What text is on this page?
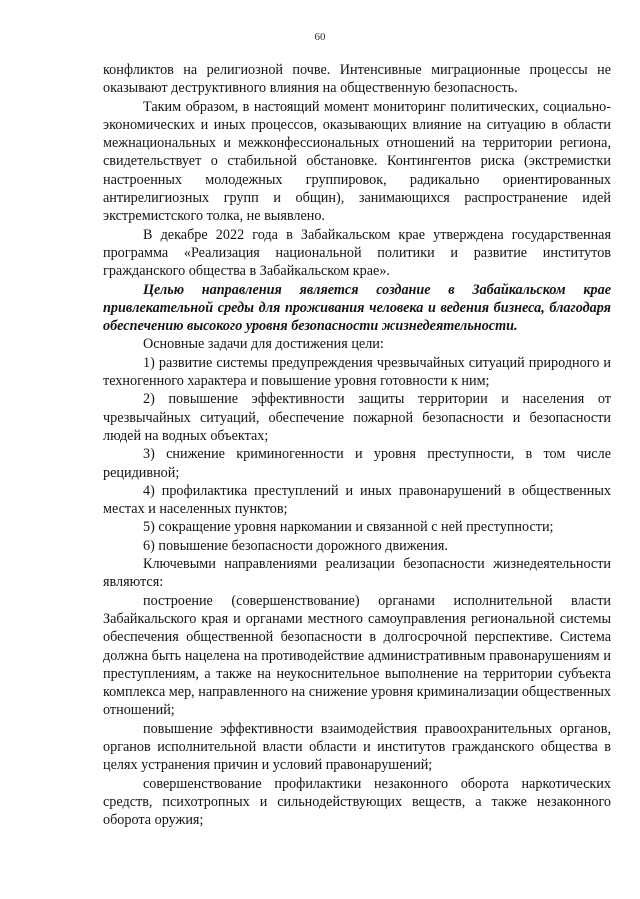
60

конфликтов на религиозной почве. Интенсивные миграционные процессы не оказывают деструктивного влияния на общественную безопасность.

Таким образом, в настоящий момент мониторинг политических, социально-экономических и иных процессов, оказывающих влияние на ситуацию в области межнациональных и межконфессиональных отношений на территории региона, свидетельствует о стабильной обстановке. Контингентов риска (экстремистки настроенных молодежных группировок, радикально ориентированных антирелигиозных групп и общин), занимающихся распространение идей экстремистского толка, не выявлено.

В декабре 2022 года в Забайкальском крае утверждена государственная программа «Реализация национальной политики и развитие институтов гражданского общества в Забайкальском крае».

Целью направления является создание в Забайкальском крае привлекательной среды для проживания человека и ведения бизнеса, благодаря обеспечению высокого уровня безопасности жизнедеятельности.

Основные задачи для достижения цели:

1) развитие системы предупреждения чрезвычайных ситуаций природного и техногенного характера и повышение уровня готовности к ним;

2) повышение эффективности защиты территории и населения от чрезвычайных ситуаций, обеспечение пожарной безопасности и безопасности людей на водных объектах;

3) снижение криминогенности и уровня преступности, в том числе рецидивной;

4) профилактика преступлений и иных правонарушений в общественных местах и населенных пунктов;

5) сокращение уровня наркомании и связанной с ней преступности;

6) повышение безопасности дорожного движения.

Ключевыми направлениями реализации безопасности жизнедеятельности являются:

построение (совершенствование) органами исполнительной власти Забайкальского края и органами местного самоуправления региональной системы обеспечения общественной безопасности в долгосрочной перспективе. Система должна быть нацелена на противодействие административным правонарушениям и преступлениям, а также на неукоснительное выполнение на территории субъекта комплекса мер, направленного на снижение уровня криминализации общественных отношений;

повышение эффективности взаимодействия правоохранительных органов, органов исполнительной власти области и институтов гражданского общества в целях устранения причин и условий правонарушений;

совершенствование профилактики незаконного оборота наркотических средств, психотропных и сильнодействующих веществ, а также незаконного оборота оружия;
